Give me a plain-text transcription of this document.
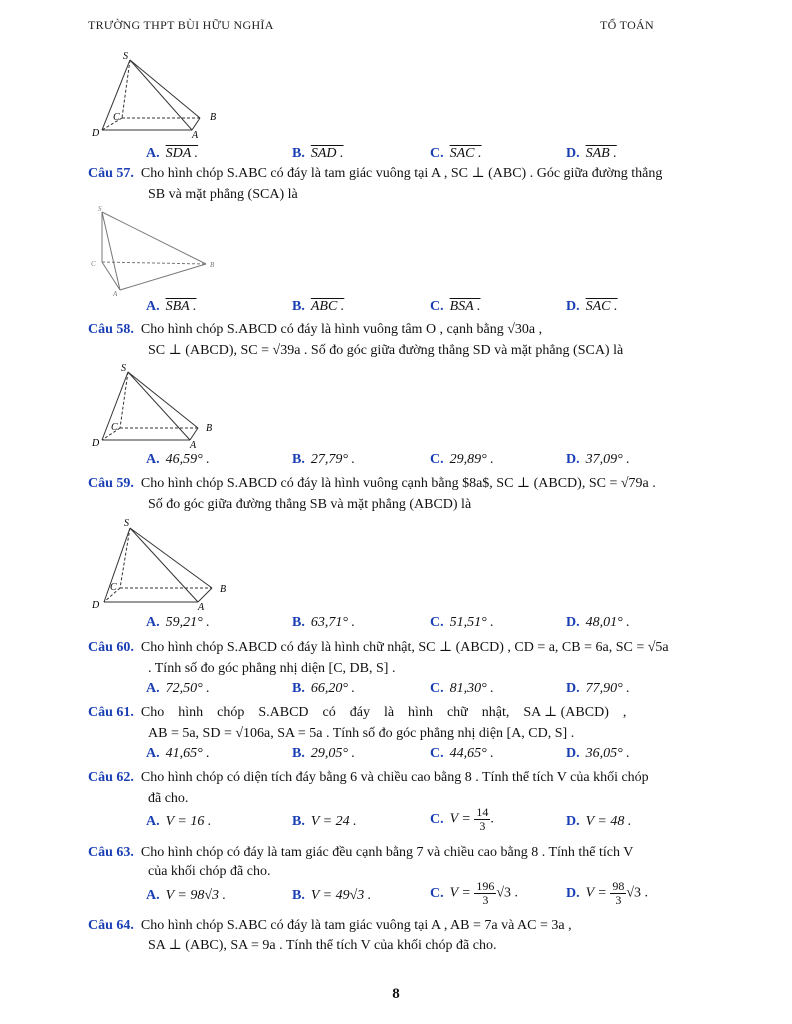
TRƯỜNG THPT BÙI HỮU NGHĨA	TỔ TOÁN
S
B
C
D	A
A. SDA .	B. SAD .	C. SAC .	D. SAB .
Câu 57. Cho hình chóp S.ABC có đáy là tam giác vuông tại A , SC ⊥ (ABC) . Góc giữa đường thẳng
SB và mặt phẳng (SCA) là
S
C	B
A
A. SBA .	B. ABC .	C. BSA .	D. SAC .
Câu 58. Cho hình chóp S.ABCD có đáy là hình vuông tâm O , cạnh bằng √30a ,
SC ⊥ (ABCD), SC = √39a . Số đo góc giữa đường thẳng SD và mặt phẳng (SCA) là
S
B
C
D	A
A. 46,59° .	B. 27,79° .	C. 29,89° .	D. 37,09° .
Câu 59. Cho hình chóp S.ABCD có đáy là hình vuông cạnh bằng $8a$, SC ⊥ (ABCD), SC = √79a .
Số đo góc giữa đường thẳng SB và mặt phẳng (ABCD) là
S
B
C
D	A
A. 59,21° .	B. 63,71° .	C. 51,51° .	D. 48,01° .
Câu 60. Cho hình chóp S.ABCD có đáy là hình chữ nhật, SC ⊥ (ABCD) , CD = a, CB = 6a, SC = √5a
. Tính số đo góc phẳng nhị diện [C, DB, S] .
A. 72,50° .	B. 66,20° .	C. 81,30° .	D. 77,90° .
Câu 61. Cho    hình    chóp    S.ABCD    có    đáy    là    hình    chữ    nhật,    SA ⊥ (ABCD)    ,
AB = 5a, SD = √106a, SA = 5a . Tính số đo góc phẳng nhị diện [A, CD, S] .
A. 41,65° .	B. 29,05° .	C. 44,65° .	D. 36,05° .
Câu 62. Cho hình chóp có diện tích đáy bằng 6 và chiều cao bằng 8 . Tính thể tích V của khối chóp
đã cho.
A. V = 16 .	B. V = 24 .	C. $V = \frac{14}{3}$ .	D. V = 48 .
Câu 63. Cho hình chóp có đáy là tam giác đều cạnh bằng 7 và chiều cao bằng 8 . Tính thể tích V
của khối chóp đã cho.
A. V = 98√3 .	B. V = 49√3 .	C. $V = \frac{196}{3} √3$ .	D. $V = \frac{98}{3} √3$ .
Câu 64. Cho hình chóp S.ABC có đáy là tam giác vuông tại A , AB = 7a và AC = 3a ,
SA ⊥ (ABC), SA = 9a . Tính thể tích V của khối chóp đã cho.
8
